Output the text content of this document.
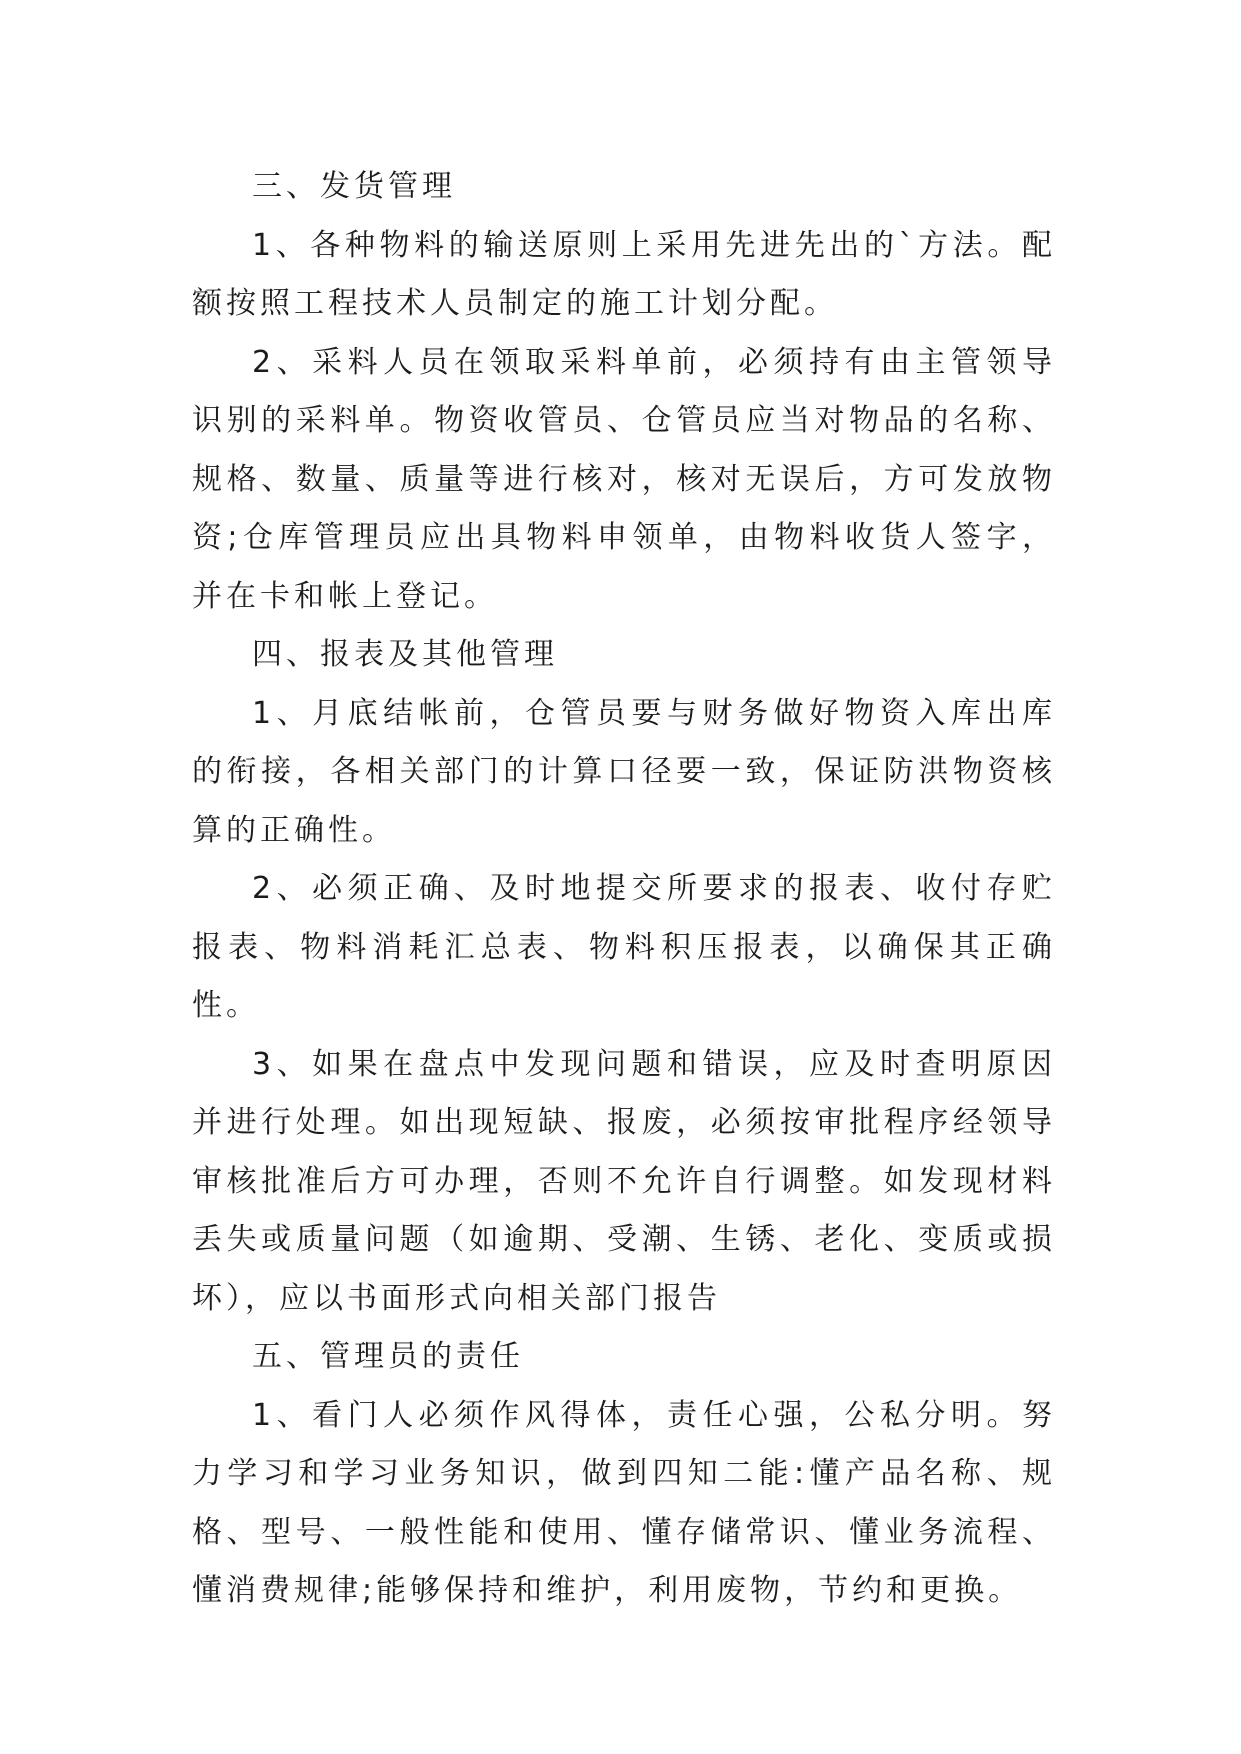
三、发货管理

1、各种物料的输送原则上采用先进先出的`方法。配额按照工程技术人员制定的施工计划分配。

2、采料人员在领取采料单前，必须持有由主管领导识别的采料单。物资收管员、仓管员应当对物品的名称、规格、数量、质量等进行核对，核对无误后，方可发放物资;仓库管理员应出具物料申领单，由物料收货人签字，并在卡和帐上登记。

四、报表及其他管理

1、月底结帐前，仓管员要与财务做好物资入库出库的衔接，各相关部门的计算口径要一致，保证防洪物资核算的正确性。

2、必须正确、及时地提交所要求的报表、收付存贮报表、物料消耗汇总表、物料积压报表，以确保其正确性。

3、如果在盘点中发现问题和错误，应及时查明原因并进行处理。如出现短缺、报废，必须按审批程序经领导审核批准后方可办理，否则不允许自行调整。如发现材料丢失或质量问题（如逾期、受潮、生锈、老化、变质或损坏），应以书面形式向相关部门报告

五、管理员的责任

1、看门人必须作风得体，责任心强，公私分明。努力学习和学习业务知识，做到四知二能:懂产品名称、规格、型号、一般性能和使用、懂存储常识、懂业务流程、懂消费规律;能够保持和维护，利用废物，节约和更换。
